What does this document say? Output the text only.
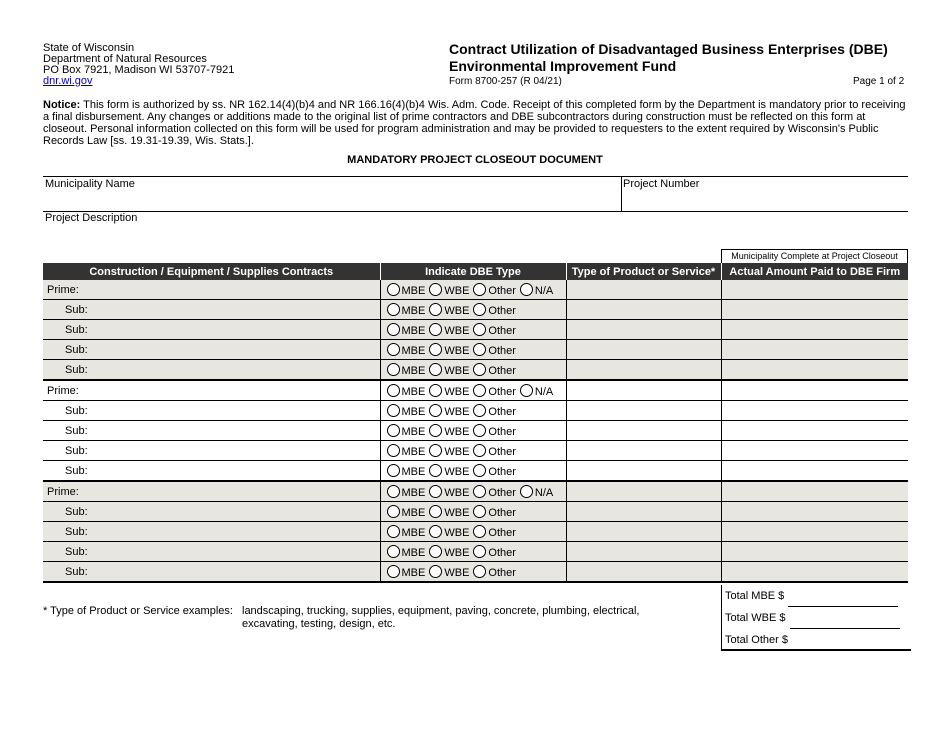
State of Wisconsin
Department of Natural Resources
PO Box 7921, Madison WI 53707-7921
dnr.wi.gov
Contract Utilization of Disadvantaged Business Enterprises (DBE)
Environmental Improvement Fund
Form 8700-257 (R 04/21)	Page 1 of 2
Notice: This form is authorized by ss. NR 162.14(4)(b)4 and NR 166.16(4)(b)4 Wis. Adm. Code. Receipt of this completed form by the Department is mandatory prior to receiving a final disbursement. Any changes or additions made to the original list of prime contractors and DBE subcontractors during construction must be reflected on this form at closeout. Personal information collected on this form will be used for program administration and may be provided to requesters to the extent required by Wisconsin's Public Records Law [ss. 19.31-19.39, Wis. Stats.].
MANDATORY PROJECT CLOSEOUT DOCUMENT
Municipality Name	Project Number
Project Description
Municipality Complete at Project Closeout
Construction / Equipment / Supplies Contracts	Indicate DBE Type	Type of Product or Service*	Actual Amount Paid to DBE Firm
Prime:	MBE WBE Other N/A		
Sub:	MBE WBE Other		
Sub:	MBE WBE Other		
Sub:	MBE WBE Other		
Sub:	MBE WBE Other		
Prime:	MBE WBE Other N/A		
Sub:	MBE WBE Other		
Sub:	MBE WBE Other		
Sub:	MBE WBE Other		
Sub:	MBE WBE Other		
Prime:	MBE WBE Other N/A		
Sub:	MBE WBE Other		
Sub:	MBE WBE Other		
Sub:	MBE WBE Other		
Sub:	MBE WBE Other		
* Type of Product or Service examples: landscaping, trucking, supplies, equipment, paving, concrete, plumbing, electrical,
excavating, testing, design, etc.
Total MBE $
Total WBE $
Total Other $
